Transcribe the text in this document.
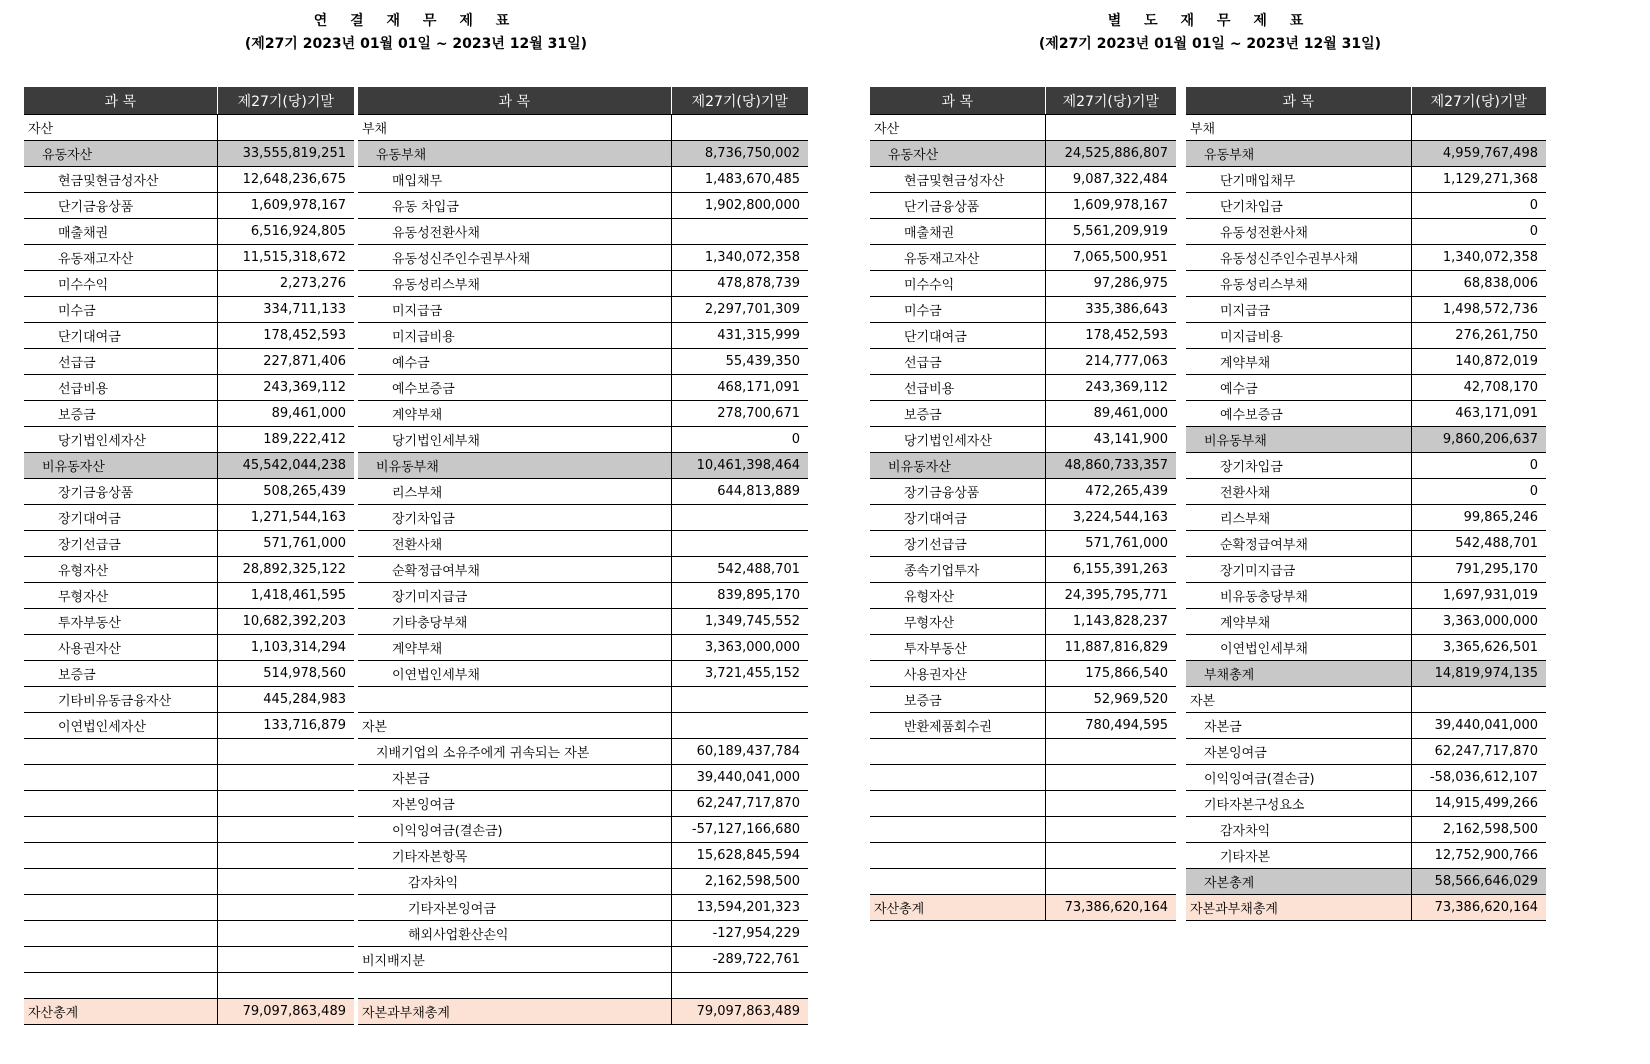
연 결 재 무 제 표
(제27기 2023년 01월 01일 ~ 2023년 12월 31일)
과 목	제27기(당)기말
자산	
유동자산	33,555,819,251
현금및현금성자산	12,648,236,675
단기금융상품	1,609,978,167
매출채권	6,516,924,805
유동재고자산	11,515,318,672
미수수익	2,273,276
미수금	334,711,133
단기대여금	178,452,593
선급금	227,871,406
선급비용	243,369,112
보증금	89,461,000
당기법인세자산	189,222,412
비유동자산	45,542,044,238
장기금융상품	508,265,439
장기대여금	1,271,544,163
장기선급금	571,761,000
유형자산	28,892,325,122
무형자산	1,418,461,595
투자부동산	10,682,392,203
사용권자산	1,103,314,294
보증금	514,978,560
기타비유동금융자산	445,284,983
이연법인세자산	133,716,879

자산총계	79,097,863,489
과 목	제27기(당)기말
부채	
유동부채	8,736,750,002
매입채무	1,483,670,485
유동 차입금	1,902,800,000
유동성전환사채	
유동성신주인수권부사채	1,340,072,358
유동성리스부채	478,878,739
미지급금	2,297,701,309
미지급비용	431,315,999
예수금	55,439,350
예수보증금	468,171,091
계약부채	278,700,671
당기법인세부채	0
비유동부채	10,461,398,464
리스부채	644,813,889
장기차입금	
전환사채	
순확정급여부채	542,488,701
장기미지급금	839,895,170
기타충당부채	1,349,745,552
계약부채	3,363,000,000
이연법인세부채	3,721,455,152

자본	
지배기업의 소유주에게 귀속되는 자본	60,189,437,784
자본금	39,440,041,000
자본잉여금	62,247,717,870
이익잉여금(결손금)	-57,127,166,680
기타자본항목	15,628,845,594
감자차익	2,162,598,500
기타자본잉여금	13,594,201,323
해외사업환산손익	-127,954,229
비지배지분	-289,722,761

자본과부채총계	79,097,863,489
별 도 재 무 제 표
(제27기 2023년 01월 01일 ~ 2023년 12월 31일)
과 목	제27기(당)기말
자산	
유동자산	24,525,886,807
현금및현금성자산	9,087,322,484
단기금융상품	1,609,978,167
매출채권	5,561,209,919
유동재고자산	7,065,500,951
미수수익	97,286,975
미수금	335,386,643
단기대여금	178,452,593
선급금	214,777,063
선급비용	243,369,112
보증금	89,461,000
당기법인세자산	43,141,900
비유동자산	48,860,733,357
장기금융상품	472,265,439
장기대여금	3,224,544,163
장기선급금	571,761,000
종속기업투자	6,155,391,263
유형자산	24,395,795,771
무형자산	1,143,828,237
투자부동산	11,887,816,829
사용권자산	175,866,540
보증금	52,969,520
반환제품회수권	780,494,595

자산총계	73,386,620,164
과 목	제27기(당)기말
부채	
유동부채	4,959,767,498
단기매입채무	1,129,271,368
단기차입금	0
유동성전환사채	0
유동성신주인수권부사채	1,340,072,358
유동성리스부채	68,838,006
미지급금	1,498,572,736
미지급비용	276,261,750
계약부채	140,872,019
예수금	42,708,170
예수보증금	463,171,091
비유동부채	9,860,206,637
장기차입금	0
전환사채	0
리스부채	99,865,246
순확정급여부채	542,488,701
장기미지급금	791,295,170
비유동충당부채	1,697,931,019
계약부채	3,363,000,000
이연법인세부채	3,365,626,501
부채총계	14,819,974,135
자본	
자본금	39,440,041,000
자본잉여금	62,247,717,870
이익잉여금(결손금)	-58,036,612,107
기타자본구성요소	14,915,499,266
감자차익	2,162,598,500
기타자본	12,752,900,766
자본총계	58,566,646,029
자본과부채총계	73,386,620,164
